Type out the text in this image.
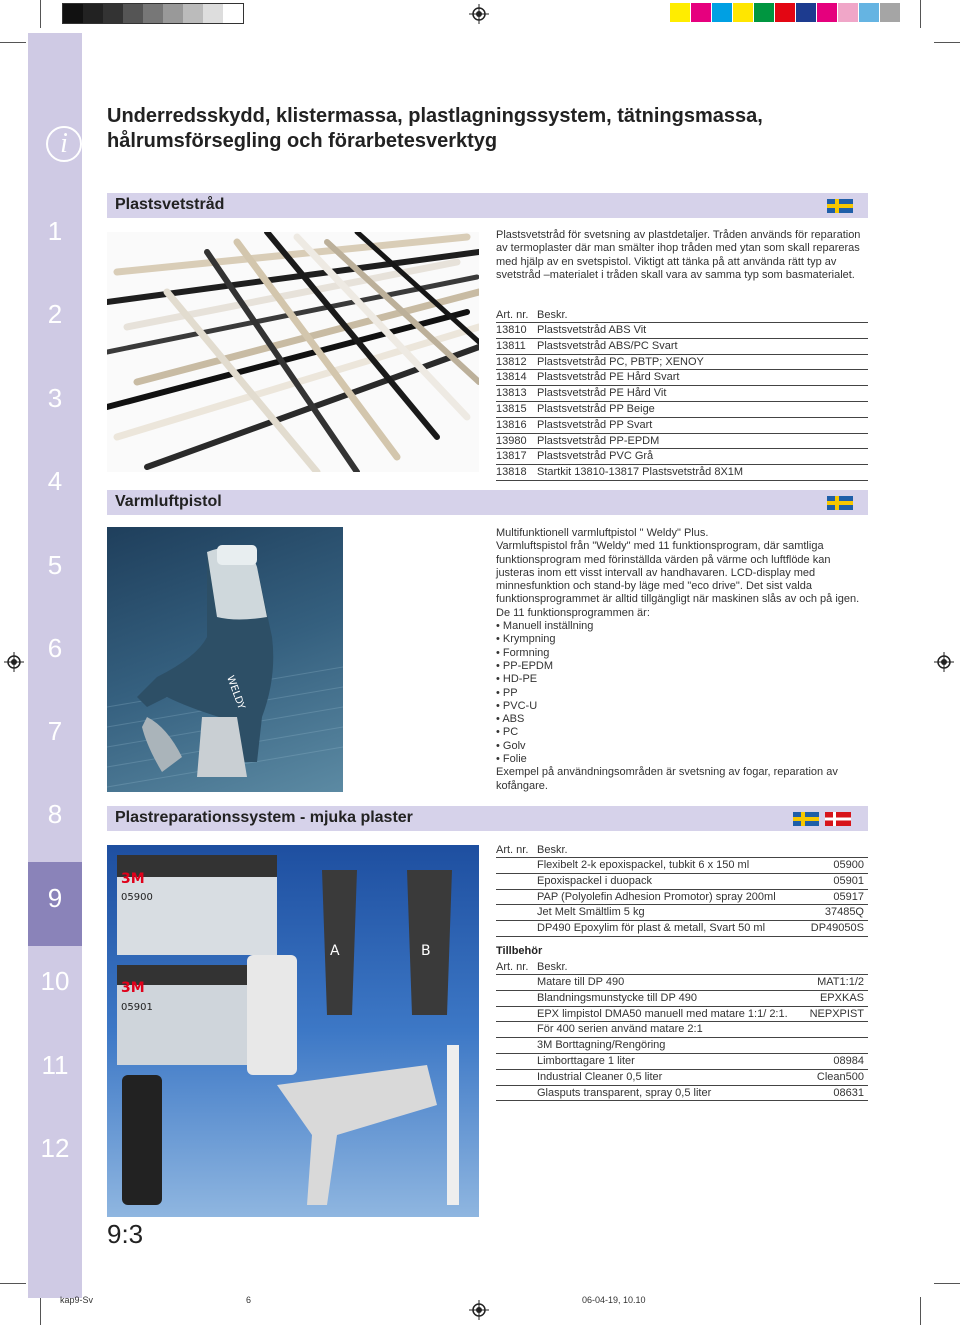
i
1
2
3
4
5
6
7
8
9
10
11
12
Underredsskydd, klistermassa, plastlagningssystem, tätningsmassa, hålrumsförsegling och förarbetesverktyg
Plastsvetstråd
Plastsvetstråd för svetsning av plastdetaljer. Tråden används för reparation av termoplaster där man smälter ihop tråden med ytan som skall repareras med hjälp av en svetspistol. Viktigt att tänka på att använda rätt typ av svetstråd –materialet i tråden skall vara av samma typ som basmaterialet.
Art. nr. Beskr.
13810 Plastsvetstråd ABS Vit
13811 Plastsvetstråd ABS/PC Svart
13812 Plastsvetstråd PC, PBTP; XENOY
13814 Plastsvetstråd PE Hård Svart
13813 Plastsvetstråd PE Hård Vit
13815 Plastsvetstråd PP Beige
13816 Plastsvetstråd PP Svart
13980 Plastsvetstråd PP-EPDM
13817 Plastsvetstråd PVC Grå
13818 Startkit 13810-13817 Plastsvetstråd 8X1M
Varmluftpistol
WELDY
Multifunktionell varmluftpistol " Weldy" Plus.
Varmluftspistol från "Weldy" med 11 funktionsprogram, där samtliga funktionsprogram med förinställda värden på värme och luftflöde kan justeras inom ett visst intervall av handhavaren. LCD-display med minnesfunktion och stand-by läge med "eco drive". Det sist valda funktionsprogrammet är alltid tillgängligt när maskinen slås av och på igen. De 11 funktionsprogrammen är:
• Manuell inställning
• Krympning
• Formning
• PP-EPDM
• HD-PE
• PP
• PVC-U
• ABS
• PC
• Golv
• Folie
Exempel på användningsområden är svetsning av fogar, reparation av kofångare.
Plastreparationssystem - mjuka plaster
3M
05900
3M
05901
A	B
Art. nr. Beskr.
Flexibelt 2-k epoxispackel, tubkit 6 x 150 ml	05900
Epoxispackel i duopack	05901
PAP (Polyolefin Adhesion Promotor) spray 200ml	05917
Jet Melt Smältlim 5 kg	37485Q
DP490 Epoxylim för plast & metall, Svart 50 ml	DP49050S
Tillbehör
Art. nr. Beskr.
Matare till DP 490	MAT1:1/2
Blandningsmunstycke till DP 490	EPXKAS
EPX limpistol DMA50 manuell med matare 1:1/ 2:1. NEPXPIST
För 400 serien använd matare 2:1
3M Borttagning/Rengöring
Limborttagare 1 liter	08984
Industrial Cleaner 0,5 liter	Clean500
Glasputs transparent, spray 0,5 liter	08631
9:3
kap9-Sv	6	06-04-19, 10.10
